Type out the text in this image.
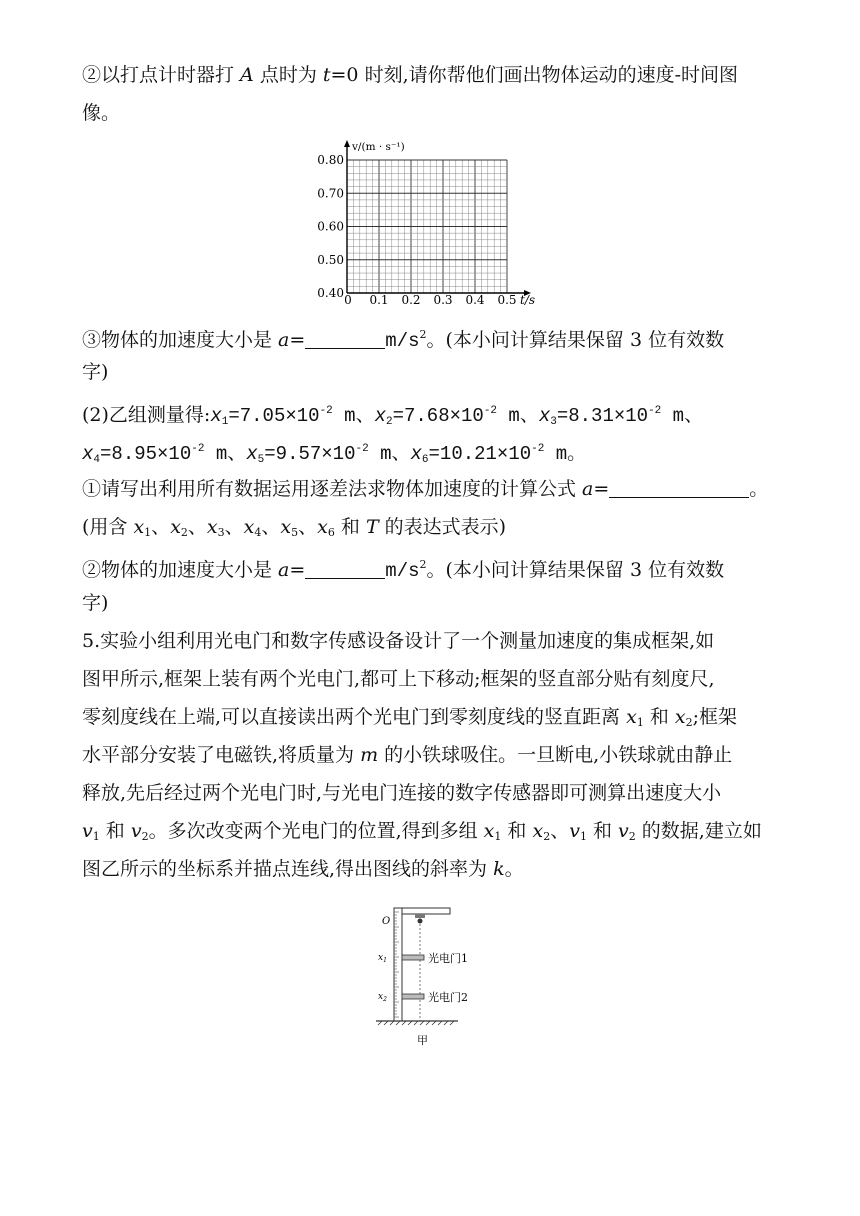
②以打点计时器打 A 点时为 t=0 时刻,请你帮他们画出物体运动的速度-时间图
像。
v/(m · s⁻¹)
t/s
0.80
0.70
0.60
0.50
0.40 0 0.1 0.2 0.3 0.4 0.5
③物体的加速度大小是 a=	$m/s^2$。(本小问计算结果保留 3 位有效数
字)
(2)乙组测量得$:x_1=7.05\times 10^{-2}$ m、$x_2=7.68\times 10^{-2}$ m、$x_3=8.31\times 10^{-2}$ m、
$x_4=8.95\times 10^{-2}$ m、$x_5=9.57\times 10^{-2}$ m、$x_6=10.21\times 10^{-2}$ m。
①请写出利用所有数据运用逐差法求物体加速度的计算公式 a=	。
(用含 $x_1$、$x_2$、$x_3$、$x_4$、$x_5$、$x_6$ 和 T 的表达式表示)
②物体的加速度大小是 a=	$m/s^2$。(本小问计算结果保留 3 位有效数
字)
5.实验小组利用光电门和数字传感设备设计了一个测量加速度的集成框架,如
图甲所示,框架上装有两个光电门,都可上下移动;框架的竖直部分贴有刻度尺,
零刻度线在上端,可以直接读出两个光电门到零刻度线的竖直距离 $x_1$ 和 $x_2$;框架
水平部分安装了电磁铁,将质量为 m 的小铁球吸住。一旦断电,小铁球就由静止
释放,先后经过两个光电门时,与光电门连接的数字传感器即可测算出速度大小
$v_1$ 和 $v_2$。多次改变两个光电门的位置,得到多组 $x_1$ 和 $x_2$、$v_1$ 和 $v_2$ 的数据,建立如
图乙所示的坐标系并描点连线,得出图线的斜率为 k。
O
$x_1$
$x_2$
光电门1
光电门2
甲
